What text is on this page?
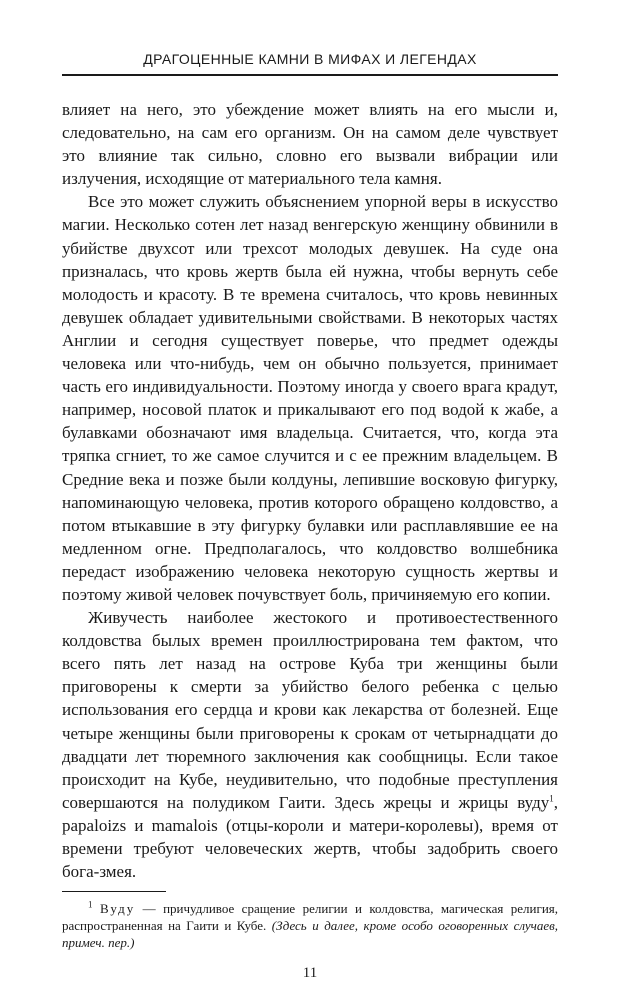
ДРАГОЦЕННЫЕ КАМНИ В МИФАХ И ЛЕГЕНДАХ

влияет на него, это убеждение может влиять на его мысли и, следовательно, на сам его организм. Он на самом деле чувствует это влияние так сильно, словно его вызвали вибрации или излучения, исходящие от материального тела камня.

Все это может служить объяснением упорной веры в искусство магии. Несколько сотен лет назад венгерскую женщину обвинили в убийстве двухсот или трехсот молодых девушек. На суде она призналась, что кровь жертв была ей нужна, чтобы вернуть себе молодость и красоту. В те времена считалось, что кровь невинных девушек обладает удивительными свойствами. В некоторых частях Англии и сегодня существует поверье, что предмет одежды человека или что-нибудь, чем он обычно пользуется, принимает часть его индивидуальности. Поэтому иногда у своего врага крадут, например, носовой платок и прикалывают его под водой к жабе, а булавками обозначают имя владельца. Считается, что, когда эта тряпка сгниет, то же самое случится и с ее прежним владельцем. В Средние века и позже были колдуны, лепившие восковую фигурку, напоминающую человека, против которого обращено колдовство, а потом втыкавшие в эту фигурку булавки или расплавлявшие ее на медленном огне. Предполагалось, что колдовство волшебника передаст изображению человека некоторую сущность жертвы и поэтому живой человек почувствует боль, причиняемую его копии.

Живучесть наиболее жестокого и противоестественного колдовства былых времен проиллюстрирована тем фактом, что всего пять лет назад на острове Куба три женщины были приговорены к смерти за убийство белого ребенка с целью использования его сердца и крови как лекарства от болезней. Еще четыре женщины были приговорены к срокам от четырнадцати до двадцати лет тюремного заключения как сообщницы. Если такое происходит на Кубе, неудивительно, что подобные преступления совершаются на полудиком Гаити. Здесь жрецы и жрицы вуду$^1$, papaloizs и mamalois (отцы-короли и матери-королевы), время от времени требуют человеческих жертв, чтобы задобрить своего бога-змея.

$^1$ Вуду — причудливое сращение религии и колдовства, магическая религия, распространенная на Гаити и Кубе. (Здесь и далее, кроме особо оговоренных случаев, примеч. пер.)
11
